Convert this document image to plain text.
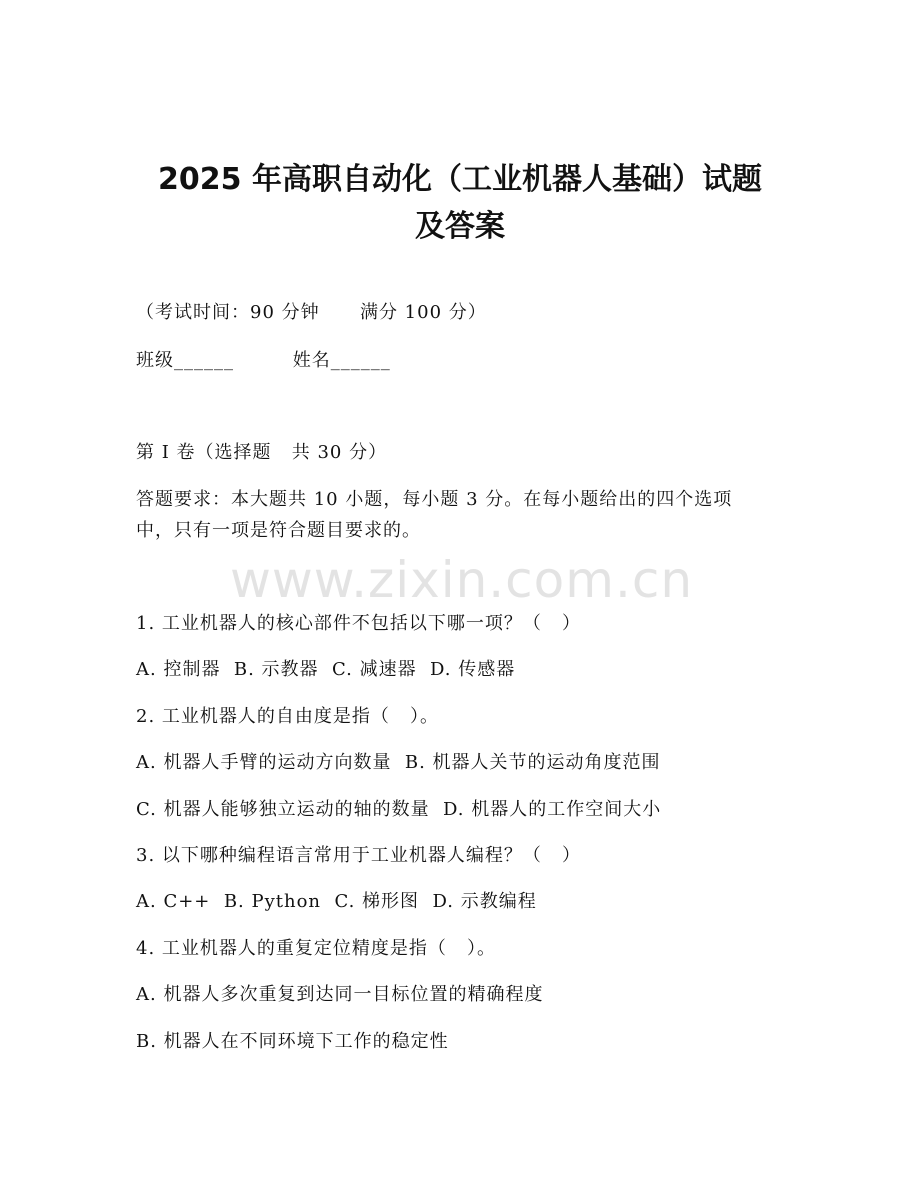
2025 年高职自动化（工业机器人基础）试题
及答案
（考试时间：90 分钟      满分 100 分）
班级______	姓名______
第 I 卷（选择题   共 30 分）
答题要求：本大题共 10 小题，每小题 3 分。在每小题给出的四个选项
中，只有一项是符合题目要求的。
www.zixin.com.cn
1. 工业机器人的核心部件不包括以下哪一项？（   ）
A. 控制器  B. 示教器  C. 减速器  D. 传感器
2. 工业机器人的自由度是指（   ）。
A. 机器人手臂的运动方向数量  B. 机器人关节的运动角度范围
C. 机器人能够独立运动的轴的数量  D. 机器人的工作空间大小
3. 以下哪种编程语言常用于工业机器人编程？（   ）
A. C++  B. Python  C. 梯形图  D. 示教编程
4. 工业机器人的重复定位精度是指（   ）。
A. 机器人多次重复到达同一目标位置的精确程度
B. 机器人在不同环境下工作的稳定性
